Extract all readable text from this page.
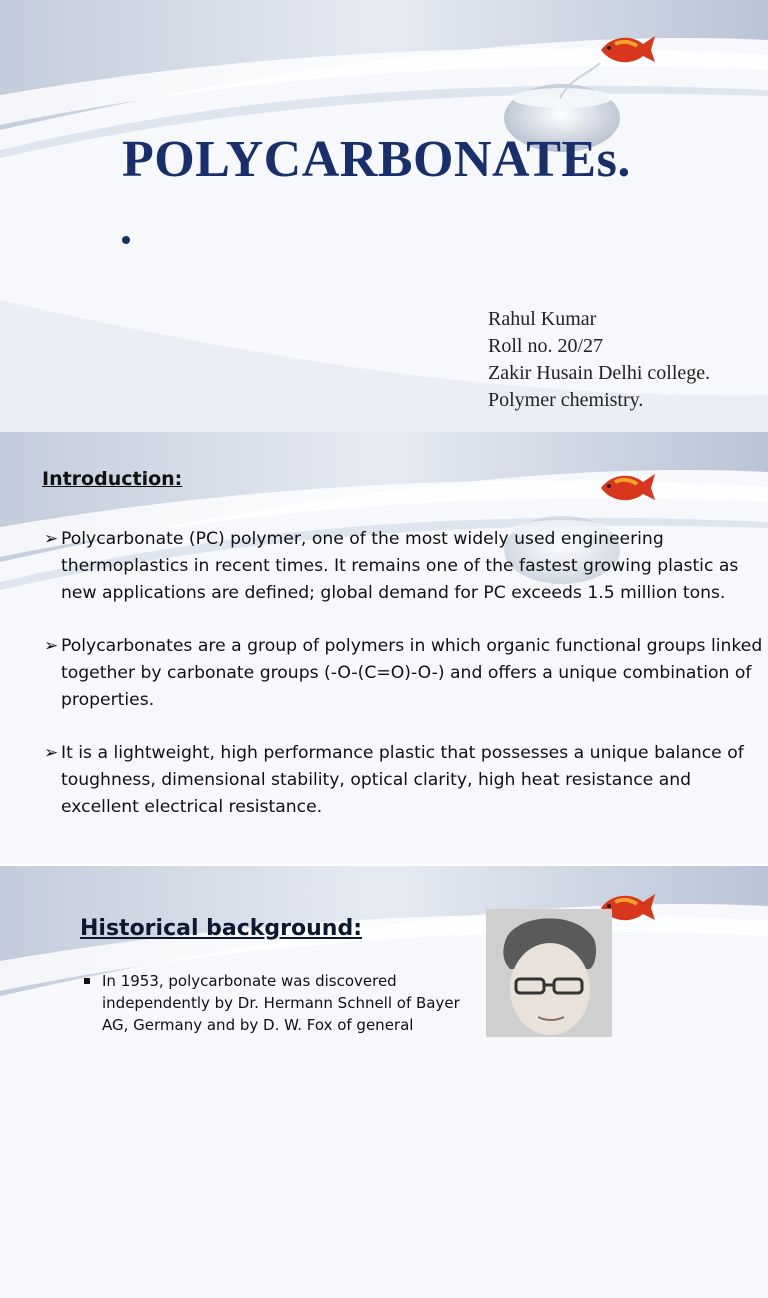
POLYCARBONATEs.
Rahul Kumar
Roll no. 20/27
Zakir Husain Delhi college.
Polymer chemistry.
Introduction:
➢ Polycarbonate (PC) polymer, one of the most widely used engineering thermoplastics in recent times. It remains one of the fastest growing plastic as new applications are defined; global demand for PC exceeds 1.5 million tons.
➢ Polycarbonates are a group of polymers in which organic functional groups linked together by carbonate groups (-O-(C=O)-O-) and offers a unique combination of properties.
➢ It is a lightweight, high performance plastic that possesses a unique balance of toughness, dimensional stability, optical clarity, high heat resistance and excellent electrical resistance.
Historical background:
In 1953, polycarbonate was discovered independently by Dr. Hermann Schnell of Bayer AG, Germany and by D. W. Fox of general
